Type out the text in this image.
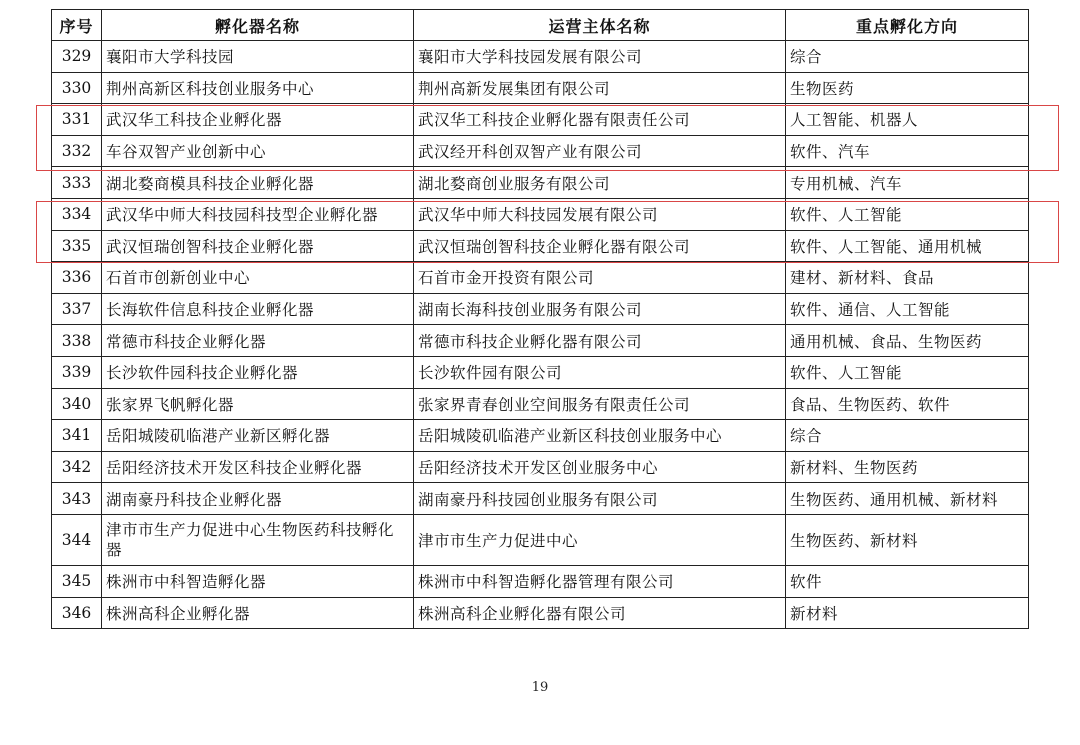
序号	孵化器名称	运营主体名称	重点孵化方向
329	襄阳市大学科技园	襄阳市大学科技园发展有限公司	综合
330	荆州高新区科技创业服务中心	荆州高新发展集团有限公司	生物医药
331	武汉华工科技企业孵化器	武汉华工科技企业孵化器有限责任公司	人工智能、机器人
332	车谷双智产业创新中心	武汉经开科创双智产业有限公司	软件、汽车
333	湖北婺商模具科技企业孵化器	湖北婺商创业服务有限公司	专用机械、汽车
334	武汉华中师大科技园科技型企业孵化器	武汉华中师大科技园发展有限公司	软件、人工智能
335	武汉恒瑞创智科技企业孵化器	武汉恒瑞创智科技企业孵化器有限公司	软件、人工智能、通用机械
336	石首市创新创业中心	石首市金开投资有限公司	建材、新材料、食品
337	长海软件信息科技企业孵化器	湖南长海科技创业服务有限公司	软件、通信、人工智能
338	常德市科技企业孵化器	常德市科技企业孵化器有限公司	通用机械、食品、生物医药
339	长沙软件园科技企业孵化器	长沙软件园有限公司	软件、人工智能
340	张家界飞帆孵化器	张家界青春创业空间服务有限责任公司	食品、生物医药、软件
341	岳阳城陵矶临港产业新区孵化器	岳阳城陵矶临港产业新区科技创业服务中心	综合
342	岳阳经济技术开发区科技企业孵化器	岳阳经济技术开发区创业服务中心	新材料、生物医药
343	湖南豪丹科技企业孵化器	湖南豪丹科技园创业服务有限公司	生物医药、通用机械、新材料
344	津市市生产力促进中心生物医药科技孵化器	津市市生产力促进中心	生物医药、新材料
345	株洲市中科智造孵化器	株洲市中科智造孵化器管理有限公司	软件
346	株洲高科企业孵化器	株洲高科企业孵化器有限公司	新材料
19
